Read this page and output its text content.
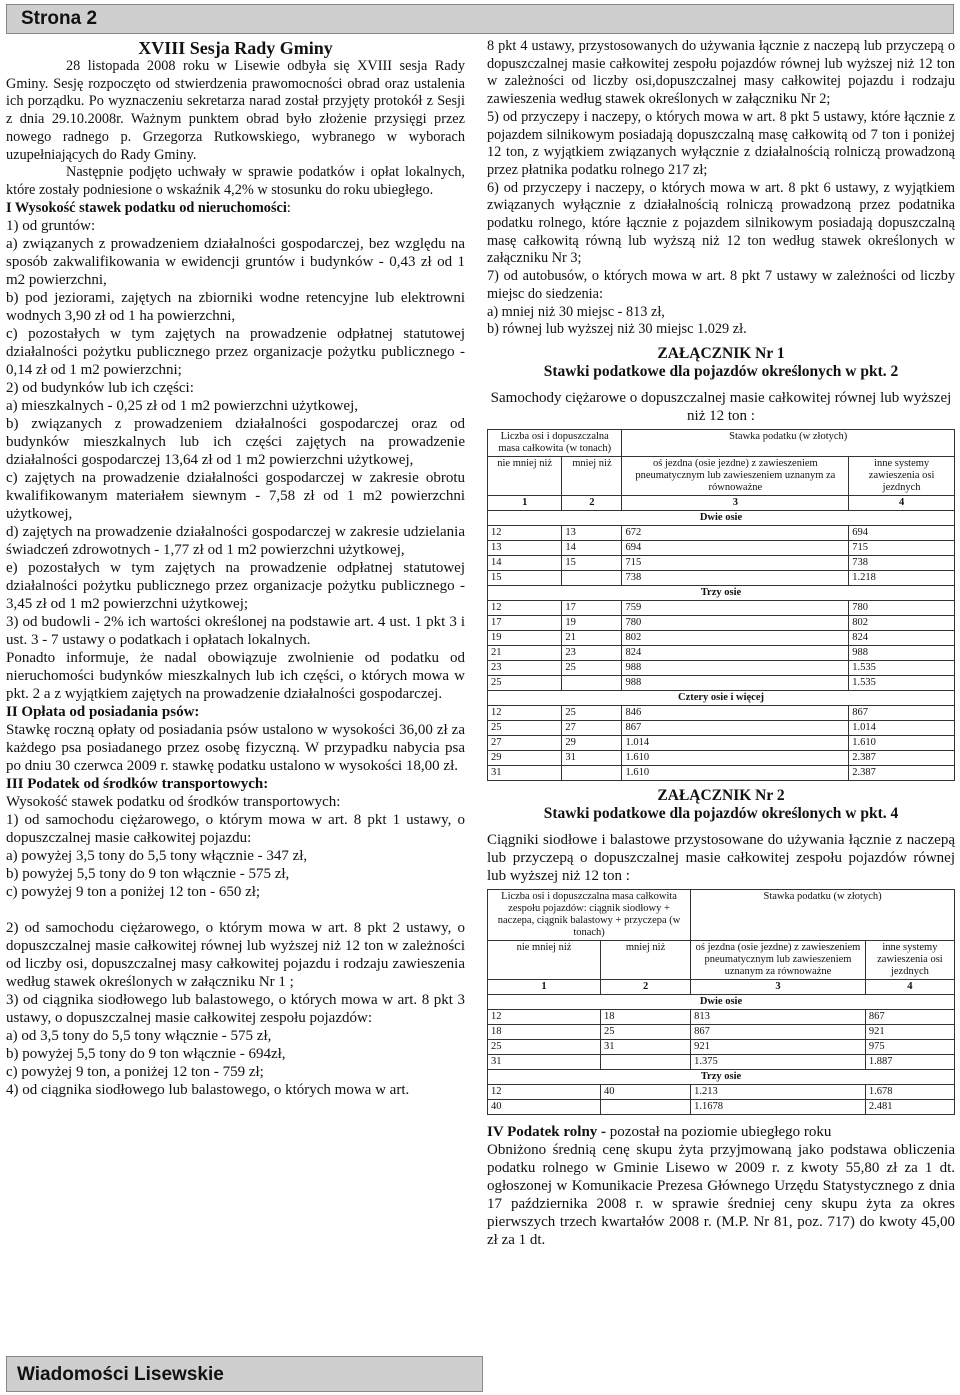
Strona 2
XVIII Sesja Rady Gminy

28 listopada 2008 roku w Lisewie odbyła się XVIII sesja Rady Gminy. Sesję rozpoczęto od stwierdzenia prawomocności obrad oraz ustalenia ich porządku. Po wyznaczeniu sekretarza narad został przyjęty protokół z Sesji z dnia 29.10.2008r. Ważnym punktem obrad było złożenie przysięgi przez nowego radnego p. Grzegorza Rutkowskiego, wybranego w wyborach uzupełniających do Rady Gminy.

Następnie podjęto uchwały w sprawie podatków i opłat lokalnych, które zostały podniesione o wskaźnik 4,2% w stosunku do roku ubiegłego.

I Wysokość stawek podatku od nieruchomości:

1) od gruntów:

a) związanych z prowadzeniem działalności gospodarczej, bez względu na sposób zakwalifikowania w ewidencji gruntów i budynków - 0,43 zł od 1 m2 powierzchni,

b) pod jeziorami, zajętych na zbiorniki wodne retencyjne lub elektrowni wodnych 3,90 zł od 1 ha powierzchni,

c) pozostałych w tym zajętych na prowadzenie odpłatnej statutowej działalności pożytku publicznego przez organizacje pożytku publicznego - 0,14 zł od 1 m2 powierzchni;

2) od budynków lub ich części:

a) mieszkalnych - 0,25 zł od 1 m2 powierzchni użytkowej,

b) związanych z prowadzeniem działalności gospodarczej oraz od budynków mieszkalnych lub ich części zajętych na prowadzenie działalności gospodarczej 13,64 zł od 1 m2 powierzchni użytkowej,

c) zajętych na prowadzenie działalności gospodarczej w zakresie obrotu kwalifikowanym materiałem siewnym - 7,58 zł od 1 m2 powierzchni użytkowej,

d) zajętych na prowadzenie działalności gospodarczej w zakresie udzielania świadczeń zdrowotnych - 1,77 zł od 1 m2 powierzchni użytkowej,

e) pozostałych w tym zajętych na prowadzenie odpłatnej statutowej działalności pożytku publicznego przez organizacje pożytku publicznego - 3,45 zł od 1 m2 powierzchni użytkowej;

3) od budowli - 2% ich wartości określonej na podstawie art. 4 ust. 1 pkt 3 i ust. 3 - 7 ustawy o podatkach i opłatach lokalnych.

Ponadto informuje, że nadal obowiązuje zwolnienie od podatku od nieruchomości budynków mieszkalnych lub ich części, o których mowa w pkt. 2 a z wyjątkiem zajętych na prowadzenie działalności gospodarczej.

II Opłata od posiadania psów:

Stawkę roczną opłaty od posiadania psów ustalono w wysokości 36,00 zł za każdego psa posiadanego przez osobę fizyczną. W przypadku nabycia psa po dniu 30 czerwca 2009 r. stawkę podatku ustalono w wysokości 18,00 zł.

III Podatek od środków transportowych:

Wysokość stawek podatku od środków transportowych:

1) od samochodu ciężarowego, o którym mowa w art. 8 pkt 1 ustawy, o dopuszczalnej masie całkowitej pojazdu:

a) powyżej 3,5 tony do 5,5 tony włącznie - 347 zł,

b) powyżej 5,5 tony do 9 ton włącznie - 575 zł,

c) powyżej 9 ton a poniżej 12 ton - 650 zł;

2) od samochodu ciężarowego, o którym mowa w art. 8 pkt 2 ustawy, o dopuszczalnej masie całkowitej równej lub wyższej niż 12 ton w zależności od liczby osi, dopuszczalnej masy całkowitej pojazdu i rodzaju zawieszenia według stawek określonych w załączniku Nr 1 ;

3) od ciągnika siodłowego lub balastowego, o których mowa w art. 8 pkt 3 ustawy, o dopuszczalnej masie całkowitej zespołu pojazdów:

a) od 3,5 tony do 5,5 tony włącznie - 575 zł,

b) powyżej 5,5 tony do 9 ton włącznie - 694zł,

c) powyżej 9 ton, a poniżej 12 ton - 759 zł;

4) od ciągnika siodłowego lub balastowego, o których mowa w art.

8 pkt 4 ustawy, przystosowanych do używania łącznie z naczepą lub przyczepą o dopuszczalnej masie całkowitej zespołu pojazdów równej lub wyższej niż 12 ton w zależności od liczby osi,dopuszczalnej masy całkowitej pojazdu i rodzaju zawieszenia według stawek określonych w załączniku Nr 2;

5) od przyczepy i naczepy, o których mowa w art. 8 pkt 5 ustawy, które łącznie z pojazdem silnikowym posiadają dopuszczalną masę całkowitą od 7 ton i poniżej 12 ton, z wyjątkiem związanych wyłącznie z działalnością rolniczą prowadzoną przez płatnika podatku rolnego 217 zł;

6) od przyczepy i naczepy, o których mowa w art. 8 pkt 6 ustawy, z wyjątkiem związanych wyłącznie z działalnością rolniczą prowadzoną przez podatnika podatku rolnego, które łącznie z pojazdem silnikowym posiadają dopuszczalną masę całkowitą równą lub wyższą niż 12 ton według stawek określonych w załączniku Nr 3;

7) od autobusów, o których mowa w art. 8 pkt 7 ustawy w zależności od liczby miejsc do siedzenia:

a) mniej niż 30 miejsc - 813 zł,

b) równej lub wyższej niż 30 miejsc 1.029 zł.

ZAŁĄCZNIK Nr 1
Stawki podatkowe dla pojazdów określonych w pkt. 2
Samochody ciężarowe o dopuszczalnej masie całkowitej równej lub wyższej niż 12 ton :
Liczba osi i dopuszczalna masa całkowita (w tonach)		Stawka podatku (w złotych)	
nie mniej niż	mniej niż	oś jezdna (osie jezdne) z zawieszeniem pneumatycznym lub zawieszeniem uznanym za równoważne	inne systemy zawieszenia osi jezdnych
1	2	3	4
Dwie osie			
12	13	672	694
13	14	694	715
14	15	715	738
15		738	1.218
Trzy osie			
12	17	759	780
17	19	780	802
19	21	802	824
21	23	824	988
23	25	988	1.535
25		988	1.535
Cztery osie i więcej			
12	25	846	867
25	27	867	1.014
27	29	1.014	1.610
29	31	1.610	2.387
31		1.610	2.387
ZAŁĄCZNIK Nr 2
Stawki podatkowe dla pojazdów określonych w pkt. 4

Ciągniki siodłowe i balastowe przystosowane do używania łącznie z naczepą lub przyczepą o dopuszczalnej masie całkowitej zespołu pojazdów równej lub wyższej niż 12 ton :

Liczba osi i dopuszczalna masa całkowita zespołu pojazdów: ciągnik siodłowy + naczepa, ciągnik balastowy + przyczepa (w tonach)		Stawka podatku (w złotych)	
nie mniej niż	mniej niż	oś jezdna (osie jezdne) z zawieszeniem pneumatycznym lub zawieszeniem uznanym za równoważne	inne systemy zawieszenia osi jezdnych
1	2	3	4
Dwie osie			
12	18	813	867
18	25	867	921
25	31	921	975
31		1.375	1.887
Trzy osie			
12	40	1.213	1.678
40		1.1678	2.481

IV Podatek rolny - pozostał na poziomie ubiegłego roku

Obniżono średnią cenę skupu żyta przyjmowaną jako podstawa obliczenia podatku rolnego w Gminie Lisewo w 2009 r. z kwoty 55,80 zł za 1 dt. ogłoszonej w Komunikacie Prezesa Głównego Urzędu Statystycznego z dnia 17 października 2008 r. w sprawie średniej ceny skupu żyta za okres pierwszych trzech kwartałów 2008 r. (M.P. Nr 81, poz. 717) do kwoty 45,00 zł za 1 dt.

Wiadomości Lisewskie
